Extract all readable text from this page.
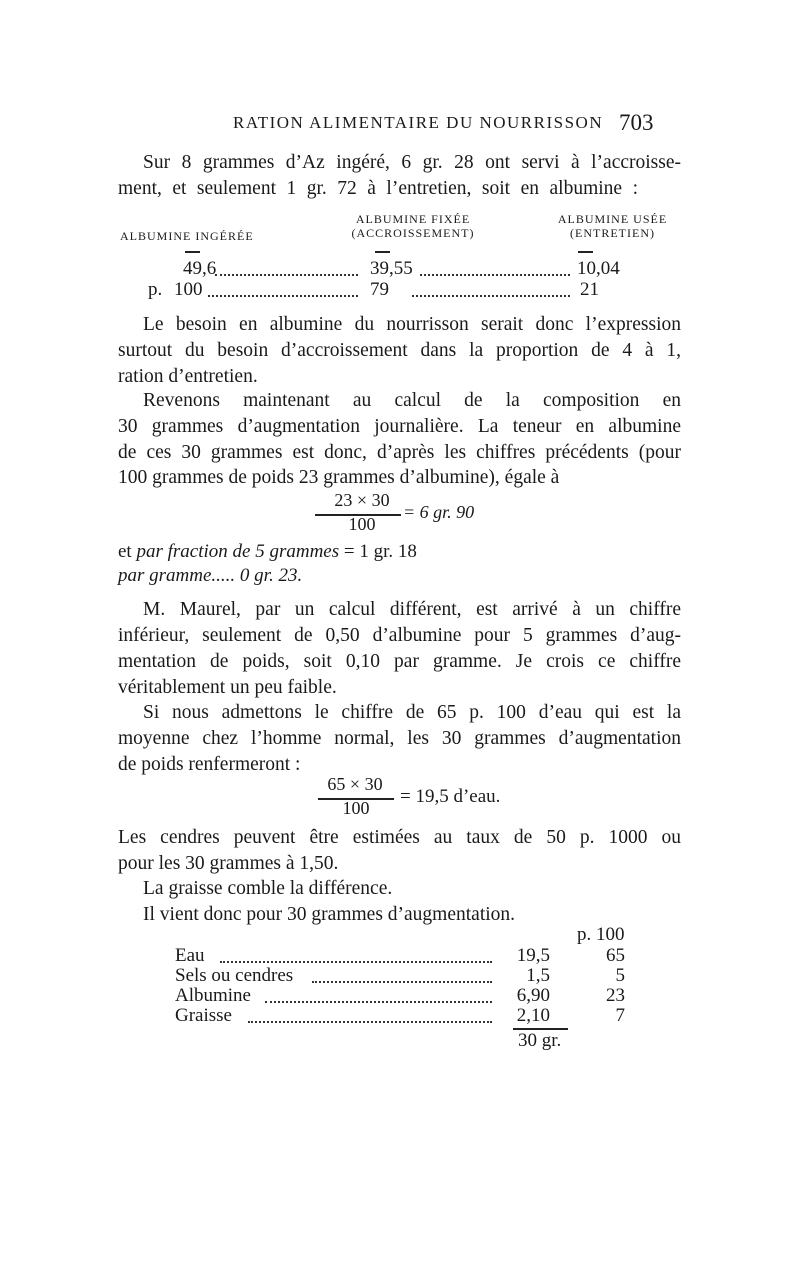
RATION ALIMENTAIRE DU NOURRISSON 703
Sur 8 grammes d’Az ingéré, 6 gr. 28 ont servi à l’accroisse-
ment, et seulement 1 gr. 72 à l’entretien, soit en albumine :
ALBUMINE INGÉRÉE
ALBUMINE FIXÉE
(ACCROISSEMENT)
ALBUMINE USÉE
(ENTRETIEN)
49,6	39,55	10,04
p. 100	79	21
Le besoin en albumine du nourrisson serait donc l’expression
surtout du besoin d’accroissement dans la proportion de 4 à 1,
ration d’entretien.
Revenons maintenant au calcul de la composition en
30 grammes d’augmentation journalière. La teneur en albumine
de ces 30 grammes est donc, d’après les chiffres précédents (pour
100 grammes de poids 23 grammes d’albumine), égale à
23 × 30
100
= 6 gr. 90
et par fraction de 5 grammes = 1 gr. 18
par gramme..... 0 gr. 23.
M. Maurel, par un calcul différent, est arrivé à un chiffre
inférieur, seulement de 0,50 d’albumine pour 5 grammes d’aug-
mentation de poids, soit 0,10 par gramme. Je crois ce chiffre
véritablement un peu faible.
Si nous admettons le chiffre de 65 p. 100 d’eau qui est la
moyenne chez l’homme normal, les 30 grammes d’augmentation
de poids renfermeront :
65 × 30
100
= 19,5 d’eau.
Les cendres peuvent être estimées au taux de 50 p. 1000 ou
pour les 30 grammes à 1,50.
La graisse comble la différence.
Il vient donc pour 30 grammes d’augmentation.
p. 100
Eau	19,5	65
Sels ou cendres	1,5	5
Albumine	6,90	23
Graisse	2,10	7
30 gr.
